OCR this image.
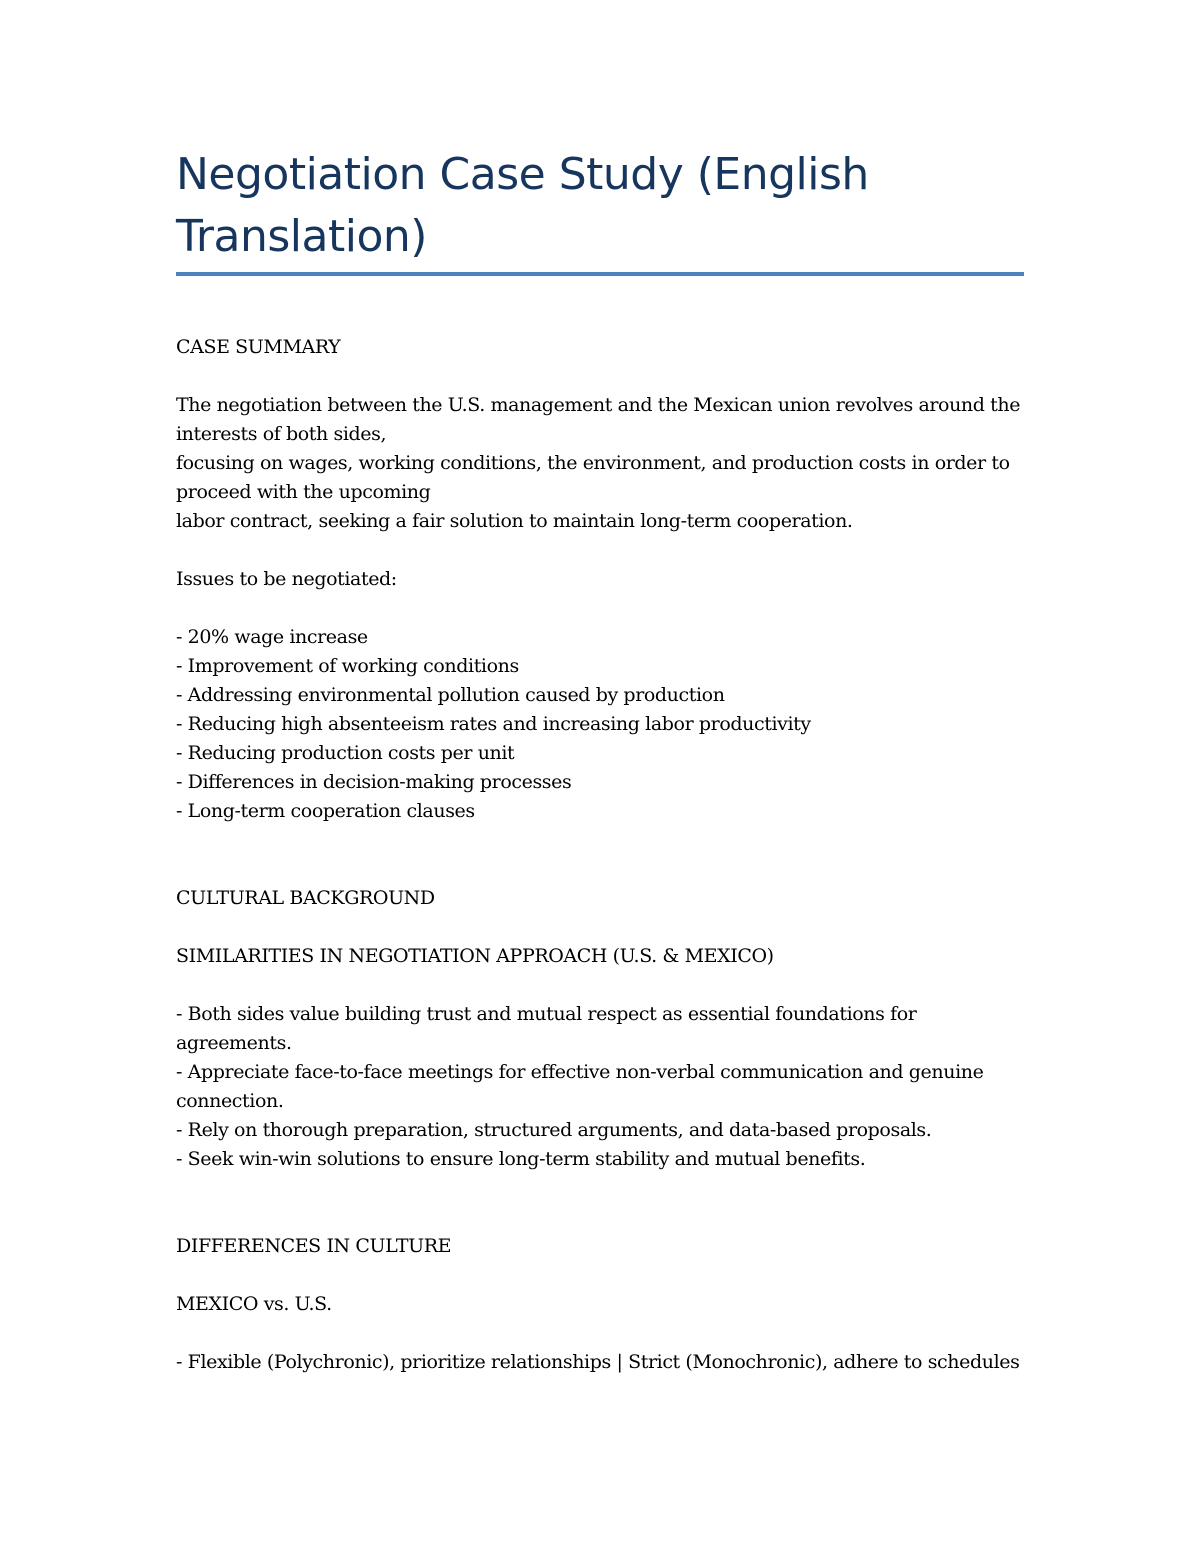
Negotiation Case Study (English Translation)

CASE SUMMARY

The negotiation between the U.S. management and the Mexican union revolves around the interests of both sides,

focusing on wages, working conditions, the environment, and production costs in order to proceed with the upcoming

labor contract, seeking a fair solution to maintain long-term cooperation.

Issues to be negotiated:

- 20% wage increase
- Improvement of working conditions
- Addressing environmental pollution caused by production
- Reducing high absenteeism rates and increasing labor productivity
- Reducing production costs per unit
- Differences in decision-making processes
- Long-term cooperation clauses

CULTURAL BACKGROUND

SIMILARITIES IN NEGOTIATION APPROACH (U.S. & MEXICO)

- Both sides value building trust and mutual respect as essential foundations for agreements.
- Appreciate face-to-face meetings for effective non-verbal communication and genuine connection.
- Rely on thorough preparation, structured arguments, and data-based proposals.
- Seek win-win solutions to ensure long-term stability and mutual benefits.

DIFFERENCES IN CULTURE

MEXICO vs. U.S.

- Flexible (Polychronic), prioritize relationships | Strict (Monochronic), adhere to schedules
